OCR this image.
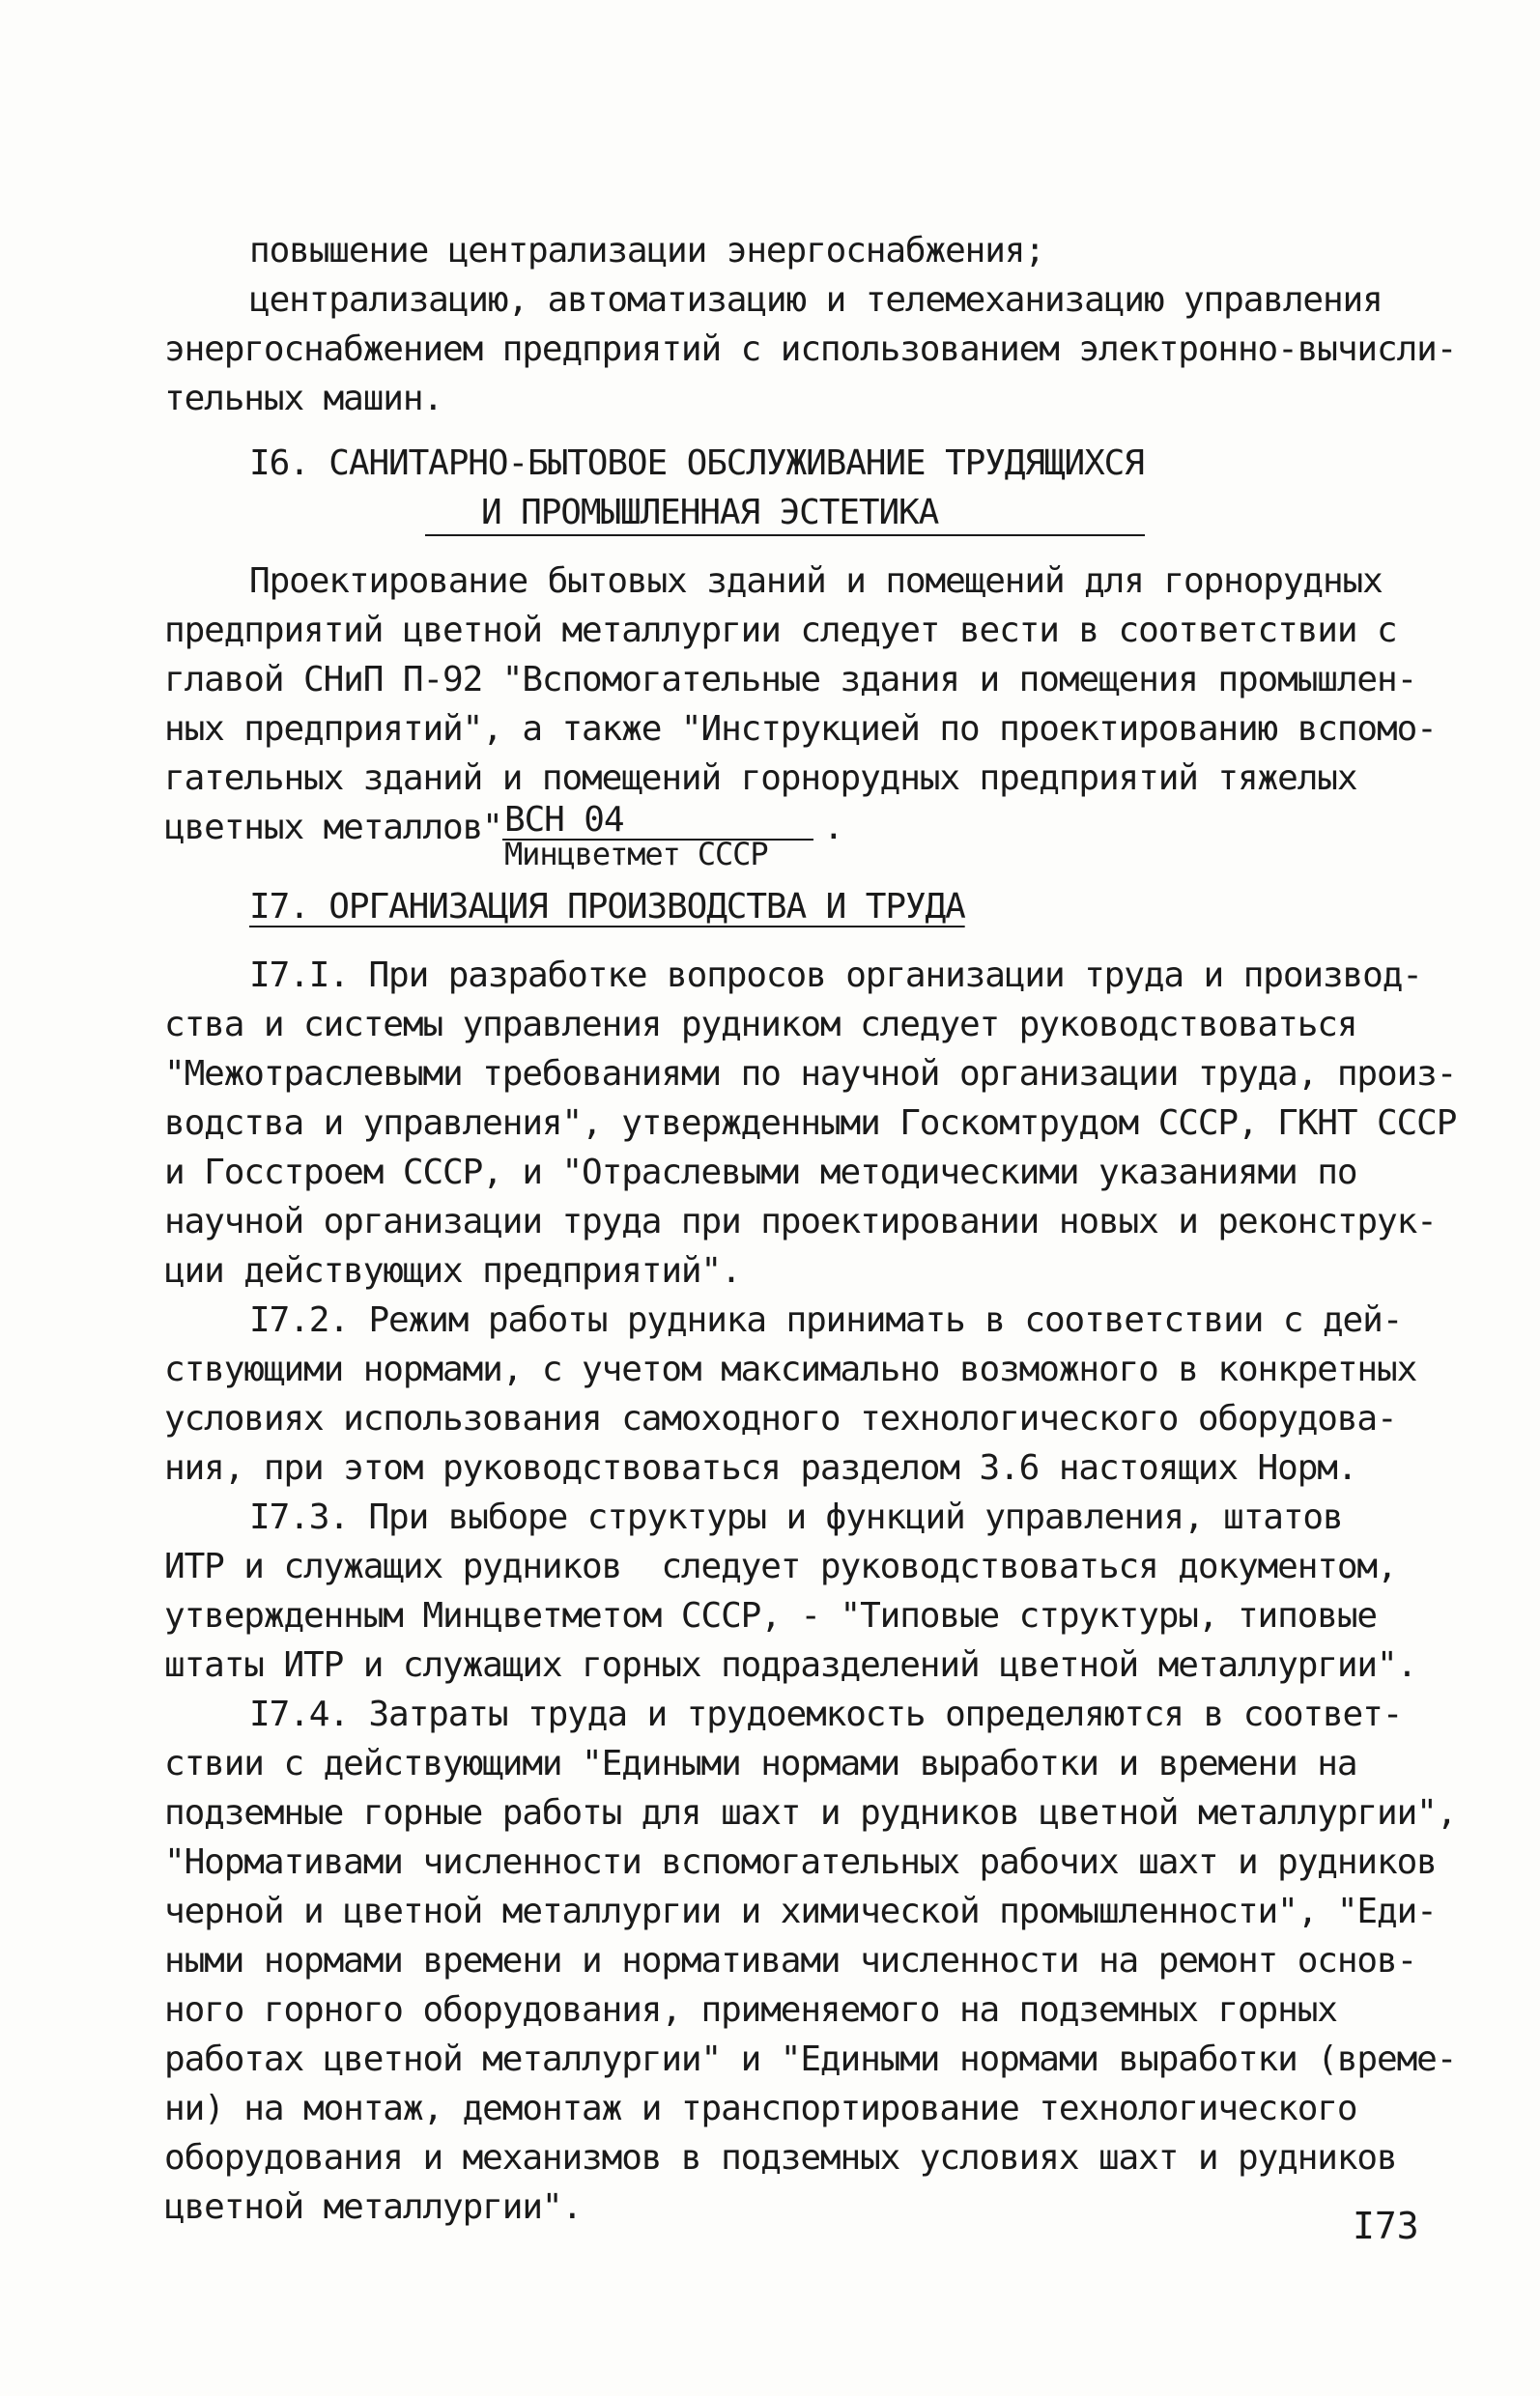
повышение централизации энергоснабжения;
централизацию, автоматизацию и телемеханизацию управления
энергоснабжением предприятий с использованием электронно-вычисли-
тельных машин.
I6. САНИТАРНО-БЫТОВОЕ ОБСЛУЖИВАНИЕ ТРУДЯЩИХСЯ
И ПРОМЫШЛЕННАЯ ЭСТЕТИКА
Проектирование бытовых зданий и помещений для горнорудных
предприятий цветной металлургии следует вести в соответствии с
главой СНиП П-92 "Вспомогательные здания и помещения промышлен-
ных предприятий", а также "Инструкцией по проектированию вспомо-
гательных зданий и помещений горнорудных предприятий тяжелых
цветных металлов" ВСН 04
Минцветмет СССР
.
I7. ОРГАНИЗАЦИЯ ПРОИЗВОДСТВА И ТРУДА
I7.I. При разработке вопросов организации труда и производ-
ства и системы управления рудником следует руководствоваться
"Межотраслевыми требованиями по научной организации труда, произ-
водства и управления", утвержденными Госкомтрудом СССР, ГКНТ СССР
и Госстроем СССР, и "Отраслевыми методическими указаниями по
научной организации труда при проектировании новых и реконструк-
ции действующих предприятий".
I7.2. Режим работы рудника принимать в соответствии с дей-
ствующими нормами, с учетом максимально возможного в конкретных
условиях использования самоходного технологического оборудова-
ния, при этом руководствоваться разделом 3.6 настоящих Норм.
I7.3. При выборе структуры и функций управления, штатов
ИТР и служащих рудников  следует руководствоваться документом,
утвержденным Минцветметом СССР, - "Типовые структуры, типовые
штаты ИТР и служащих горных подразделений цветной металлургии".
I7.4. Затраты труда и трудоемкость определяются в соответ-
ствии с действующими "Едиными нормами выработки и времени на
подземные горные работы для шахт и рудников цветной металлургии",
"Нормативами численности вспомогательных рабочих шахт и рудников
черной и цветной металлургии и химической промышленности", "Еди-
ными нормами времени и нормативами численности на ремонт основ-
ного горного оборудования, применяемого на подземных горных
работах цветной металлургии" и "Едиными нормами выработки (време-
ни) на монтаж, демонтаж и транспортирование технологического
оборудования и механизмов в подземных условиях шахт и рудников
цветной металлургии".	I73
